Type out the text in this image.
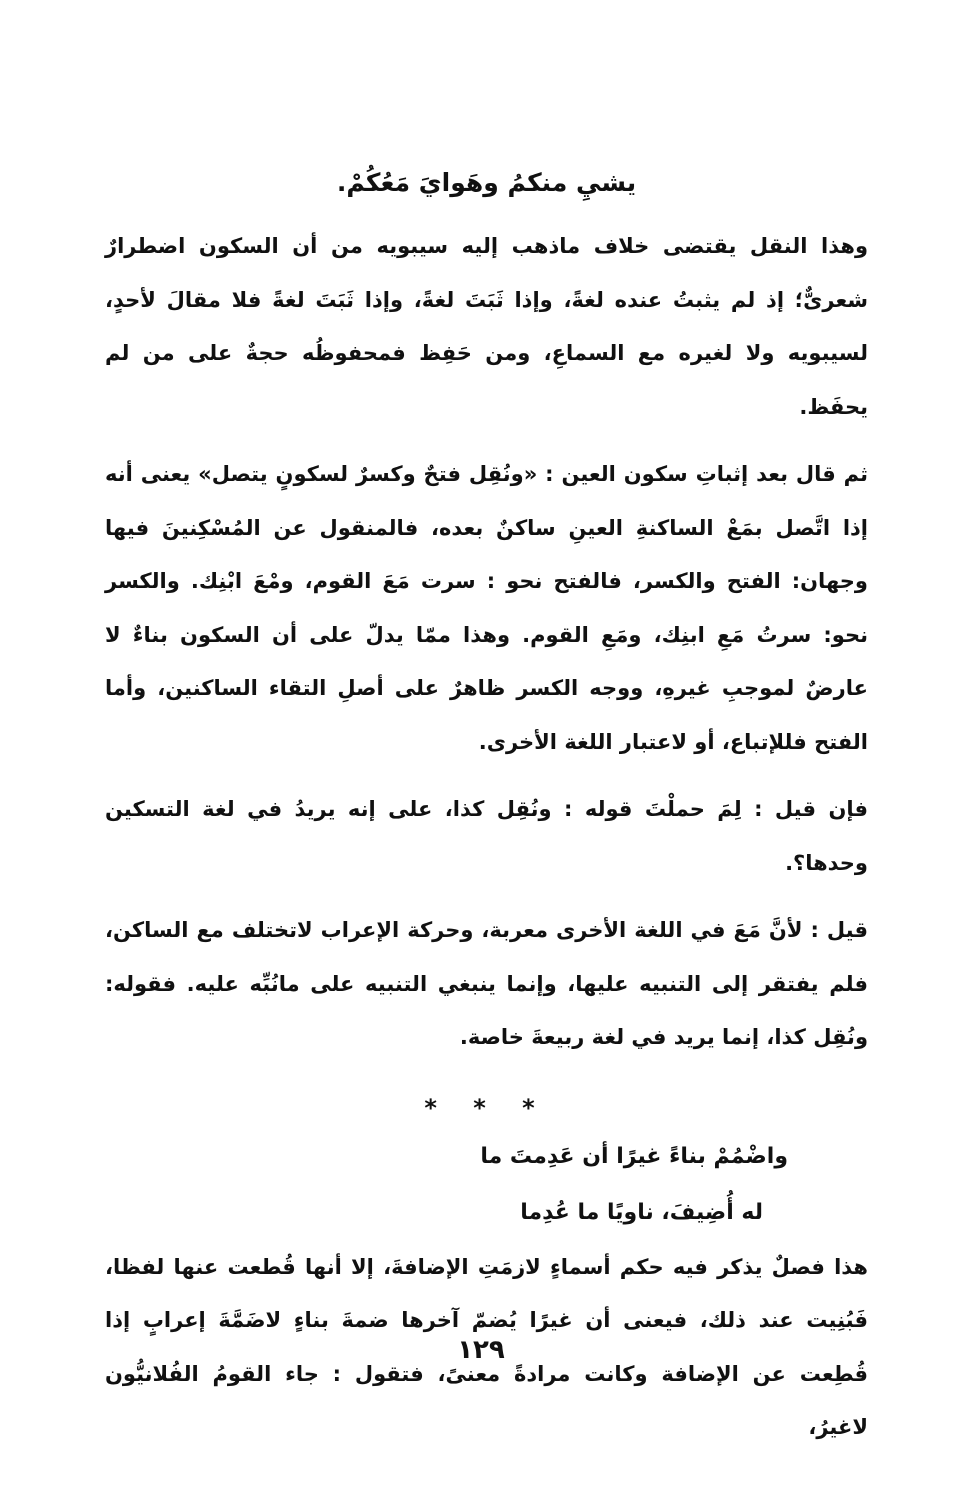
يشيِ منكمُ وهَوايَ مَعُكُمْ.

وهذا النقل يقتضى خلاف ماذهب إليه سيبويه من أن السكون اضطرارٌ شعرىٌّ؛ إذ لم يثبتُ عنده لغةً، وإذا ثَبَتَ لغةً، وإذا ثَبَتَ لغةً فلا مقالَ لأحدٍ، لسيبويه ولا لغيره مع السماعِ، ومن حَفِظ فمحفوظُه حجةٌ على من لم يحفَظ.

ثم قال بعد إثباتِ سكون العين : «ونُقِل فتحٌ وكسرٌ لسكونٍ يتصل» يعنى أنه إذا اتَّصل بمَعْ الساكنةِ العينِ ساكنٌ بعده، فالمنقول عن المُسْكِنينَ فيها وجهان: الفتح والكسر، فالفتح نحو : سرت مَعَ القوم، ومْعَ ابْنِك. والكسر نحو: سرتُ مَعِ ابنِك، ومَعِ القوم. وهذا ممّا يدلّ على أن السكون بناءٌ لا عارضٌ لموجبِ غيرهِ، ووجه الكسر ظاهرٌ على أصلِ التقاء الساكنين، وأما الفتح فللإتباع، أو لاعتبار اللغة الأخرى.

فإن قيل : لِمَ حملْتَ قوله : ونُقِل كذا، على إنه يريدُ في لغة التسكين وحدها؟.

قيل : لأنَّ مَعَ في اللغة الأخرى معربة، وحركة الإعراب لاتختلف مع الساكن، فلم يفتقر إلى التنبيه عليها، وإنما ينبغي التنبيه على مانُبِّه عليه. فقوله: ونُقِل كذا، إنما يريد في لغة ربيعةَ خاصة.

* * *
واضْمُمْ بناءً غيرًا أن عَدِمتَ ما
له أُضِيفَ، ناويًا ما عُدِما

هذا فصلٌ يذكر فيه حكم أسماءٍ لازمَتِ الإضافةَ، إلا أنها قُطعت عنها لفظا، فَبُنِيت عند ذلك، فيعنى أن غيرًا يُضمّ آخرها ضمةَ بناءٍ لاضَمَّةَ إعرابٍ إذا قُطِعت عن الإضافة وكانت مرادةً معنىً، فتقول : جاء القومُ الفُلانيُّون لاغيرُ،

١٢٩
